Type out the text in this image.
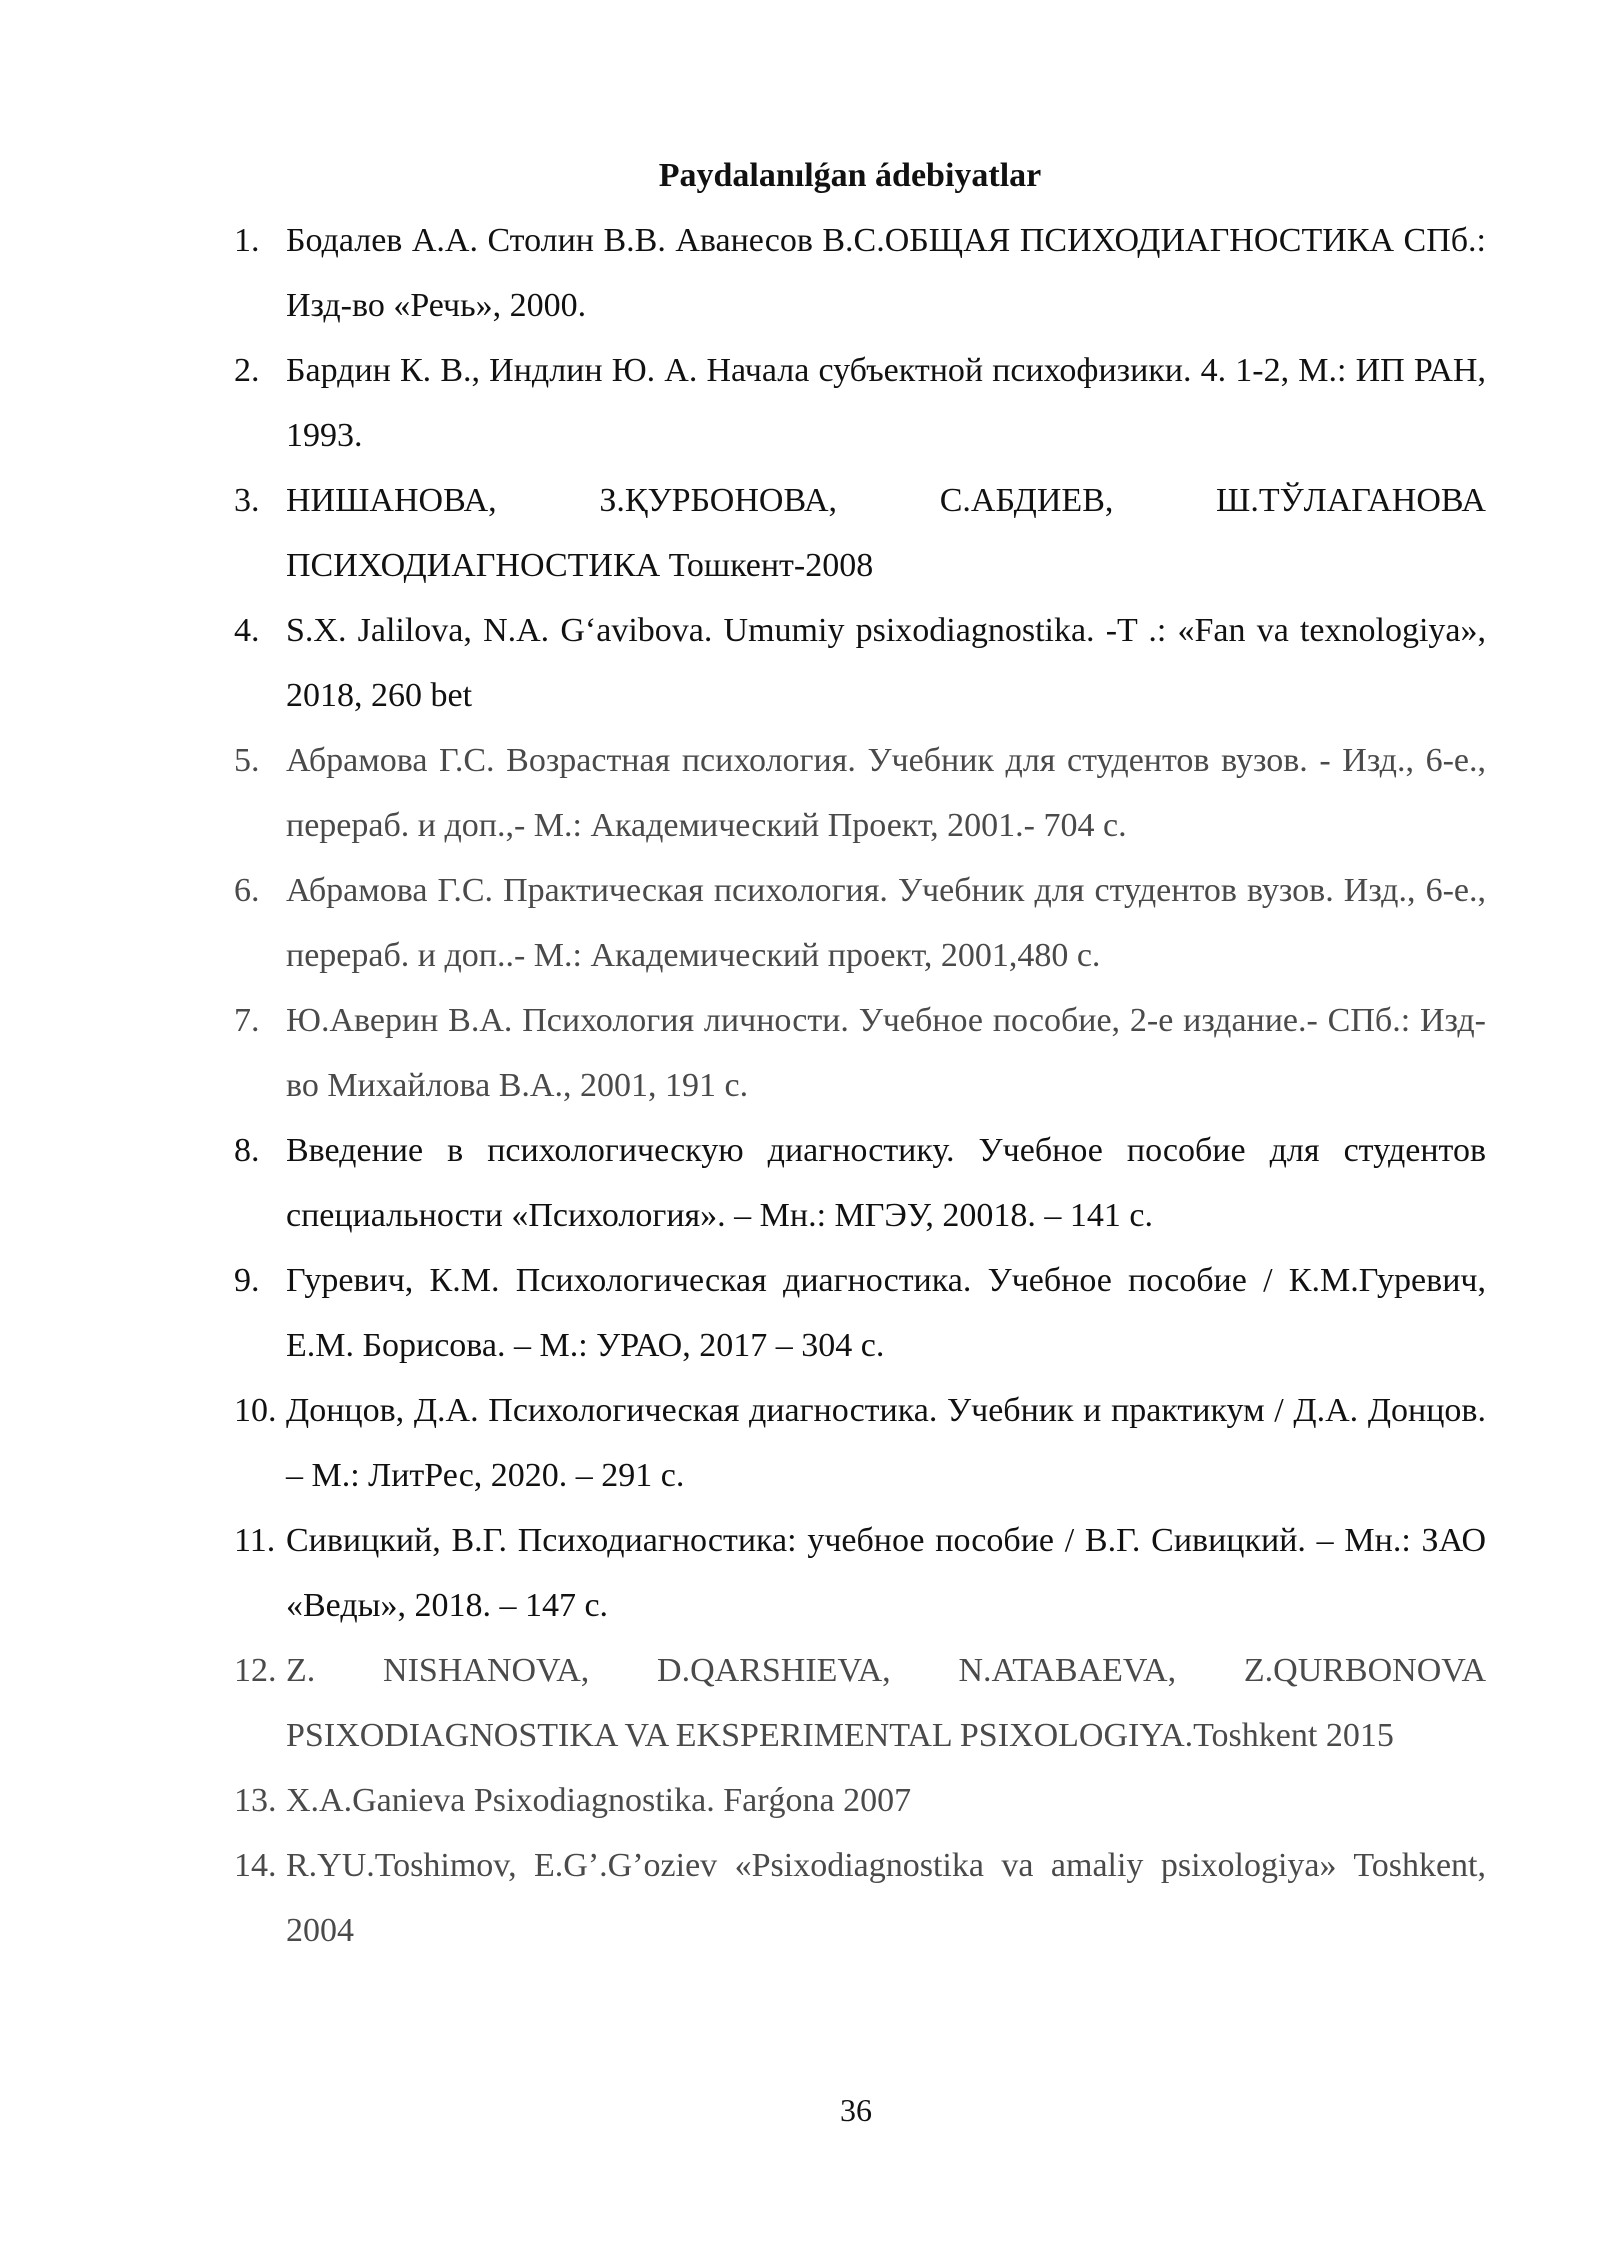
Paydalanılǵan ádebiyatlar
1. Бодалев А.А. Столин В.В. Аванесов В.С.ОБЩАЯ ПСИХОДИАГНОСТИКА СПб.: Изд-во «Речь», 2000.
2. Бардин К. В., Индлин Ю. А. Начала субъектной психофизики. 4. 1-2, М.: ИП РАН, 1993.
3. НИШАНОВА, З.ҚУРБОНОВА, С.АБДИЕВ, Ш.ТЎЛАГАНОВА ПСИХОДИАГНОСТИКА Тошкент-2008
4. S.X. Jalilova, N.A. G‘avibova. Umumiy psixodiagnostika. -T .: «Fan va texnologiya», 2018, 260 bet
5. Абрамова Г.С. Возрастная психология. Учебник для студентов вузов. - Изд., 6-е., перераб. и доп.,- М.: Академический Проект, 2001.- 704 с.
6. Абрамова Г.С. Практическая психология. Учебник для студентов вузов. Изд., 6-е., перераб. и доп..- М.: Академический проект, 2001,480 с.
7. Ю.Аверин В.А. Психология личности. Учебное пособие, 2-е издание.- СПб.: Изд-во Михайлова В.А., 2001, 191 с.
8. Введение в психологическую диагностику. Учебное пособие для студентов специальности «Психология». – Мн.: МГЭУ, 20018. – 141 с.
9. Гуревич, К.М. Психологическая диагностика. Учебное пособие / К.М.Гуревич, Е.М. Борисова. – М.: УРАО, 2017 – 304 с.
10. Донцов, Д.А. Психологическая диагностика. Учебник и практикум / Д.А. Донцов. – М.: ЛитРес, 2020. – 291 с.
11. Сивицкий, В.Г. Психодиагностика: учебное пособие / В.Г. Сивицкий. – Мн.: ЗАО «Веды», 2018. – 147 с.
12. Z. NISHANOVA, D.QARSHIEVA, N.ATABAEVA, Z.QURBONOVA PSIXODIAGNOSTIKA VA EKSPERIMENTAL PSIXOLOGIYA.Toshkent 2015
13. X.A.Ganieva Psixodiagnostika. Farǵona 2007
14. R.YU.Toshimov, E.G’.G’oziev «Psixodiagnostika va amaliy psixologiya» Toshkent, 2004
36
